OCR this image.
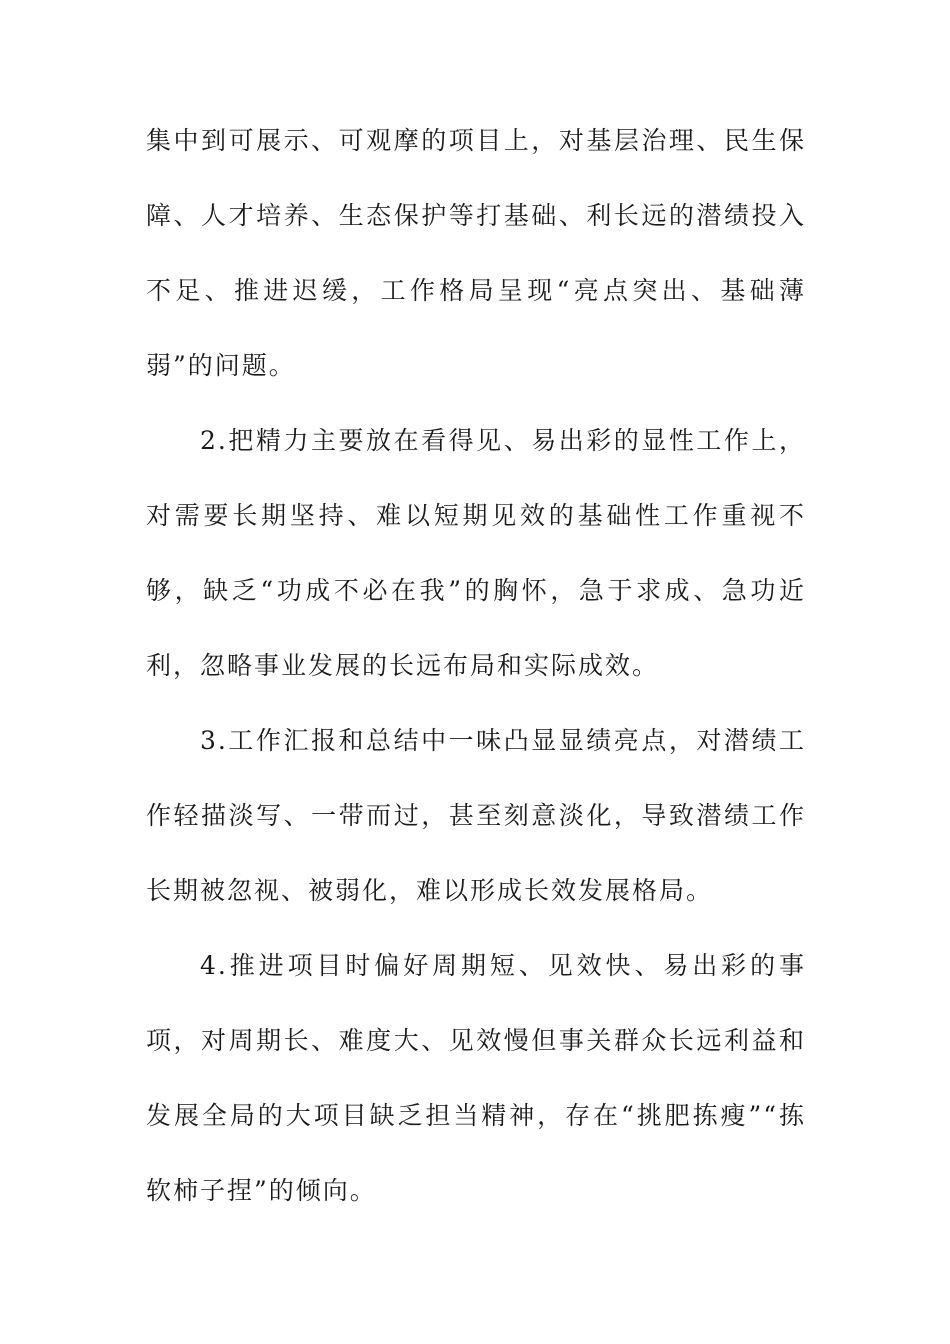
集中到可展示、可观摩的项目上，对基层治理、民生保障、人才培养、生态保护等打基础、利长远的潜绩投入不足、推进迟缓，工作格局呈现“亮点突出、基础薄弱”的问题。

2.把精力主要放在看得见、易出彩的显性工作上，对需要长期坚持、难以短期见效的基础性工作重视不够，缺乏“功成不必在我”的胸怀，急于求成、急功近利，忽略事业发展的长远布局和实际成效。

3.工作汇报和总结中一味凸显显绩亮点，对潜绩工作轻描淡写、一带而过，甚至刻意淡化，导致潜绩工作长期被忽视、被弱化，难以形成长效发展格局。

4.推进项目时偏好周期短、见效快、易出彩的事项，对周期长、难度大、见效慢但事关群众长远利益和发展全局的大项目缺乏担当精神，存在“挑肥拣瘦”“拣软柿子捏”的倾向。
